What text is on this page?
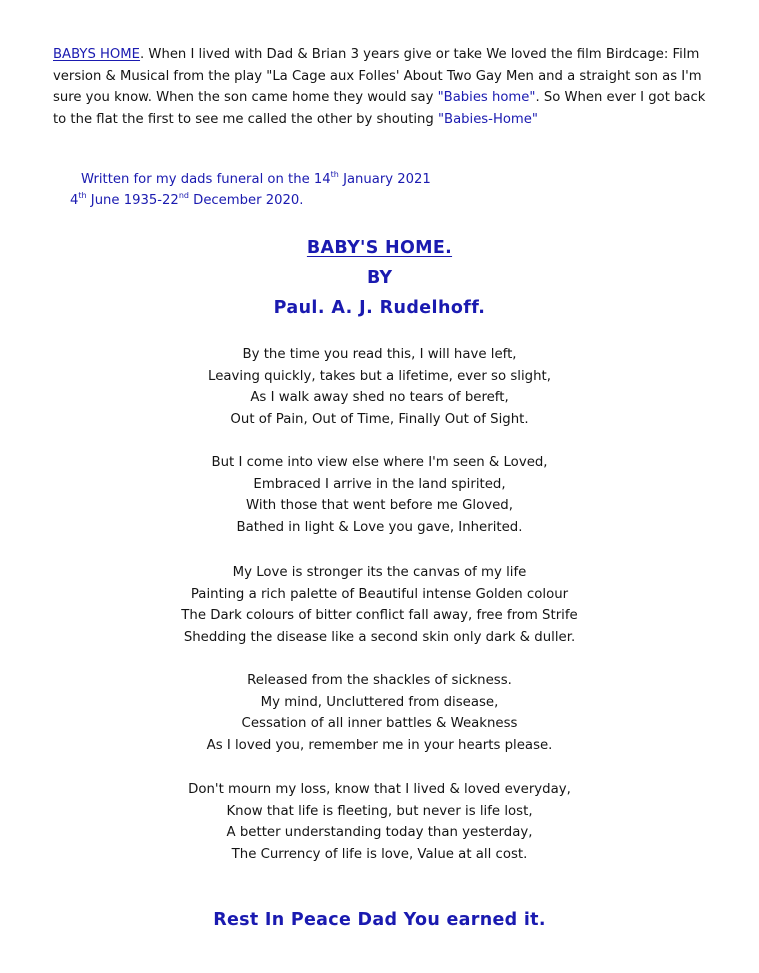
BABYS HOME. When I lived with Dad & Brian 3 years give or take We loved the film Birdcage: Film version & Musical from the play "La Cage aux Folles' About Two Gay Men and a straight son as I'm sure you know. When the son came home they would say "Babies home". So When ever I got back to the flat the first to see me called the other by shouting "Babies-Home"

Written for my dads funeral on the 14th January 2021
4th June 1935-22nd December 2020.
BABY'S HOME.
BY
Paul. A. J. Rudelhoff.
By the time you read this, I will have left,
Leaving quickly, takes but a lifetime, ever so slight,
As I walk away shed no tears of bereft,
Out of Pain, Out of Time, Finally Out of Sight.
But I come into view else where I'm seen & Loved,
Embraced I arrive in the land spirited,
With those that went before me Gloved,
Bathed in light & Love you gave, Inherited.
My Love is stronger its the canvas of my life
Painting a rich palette of Beautiful intense Golden colour
The Dark colours of bitter conflict fall away, free from Strife
Shedding the disease like a second skin only dark & duller.
Released from the shackles of sickness.
My mind, Uncluttered from disease,
Cessation of all inner battles & Weakness
As I loved you, remember me in your hearts please.
Don't mourn my loss, know that I lived & loved everyday,
Know that life is fleeting, but never is life lost,
A better understanding today than yesterday,
The Currency of life is love, Value at all cost.
Rest In Peace Dad You earned it.
